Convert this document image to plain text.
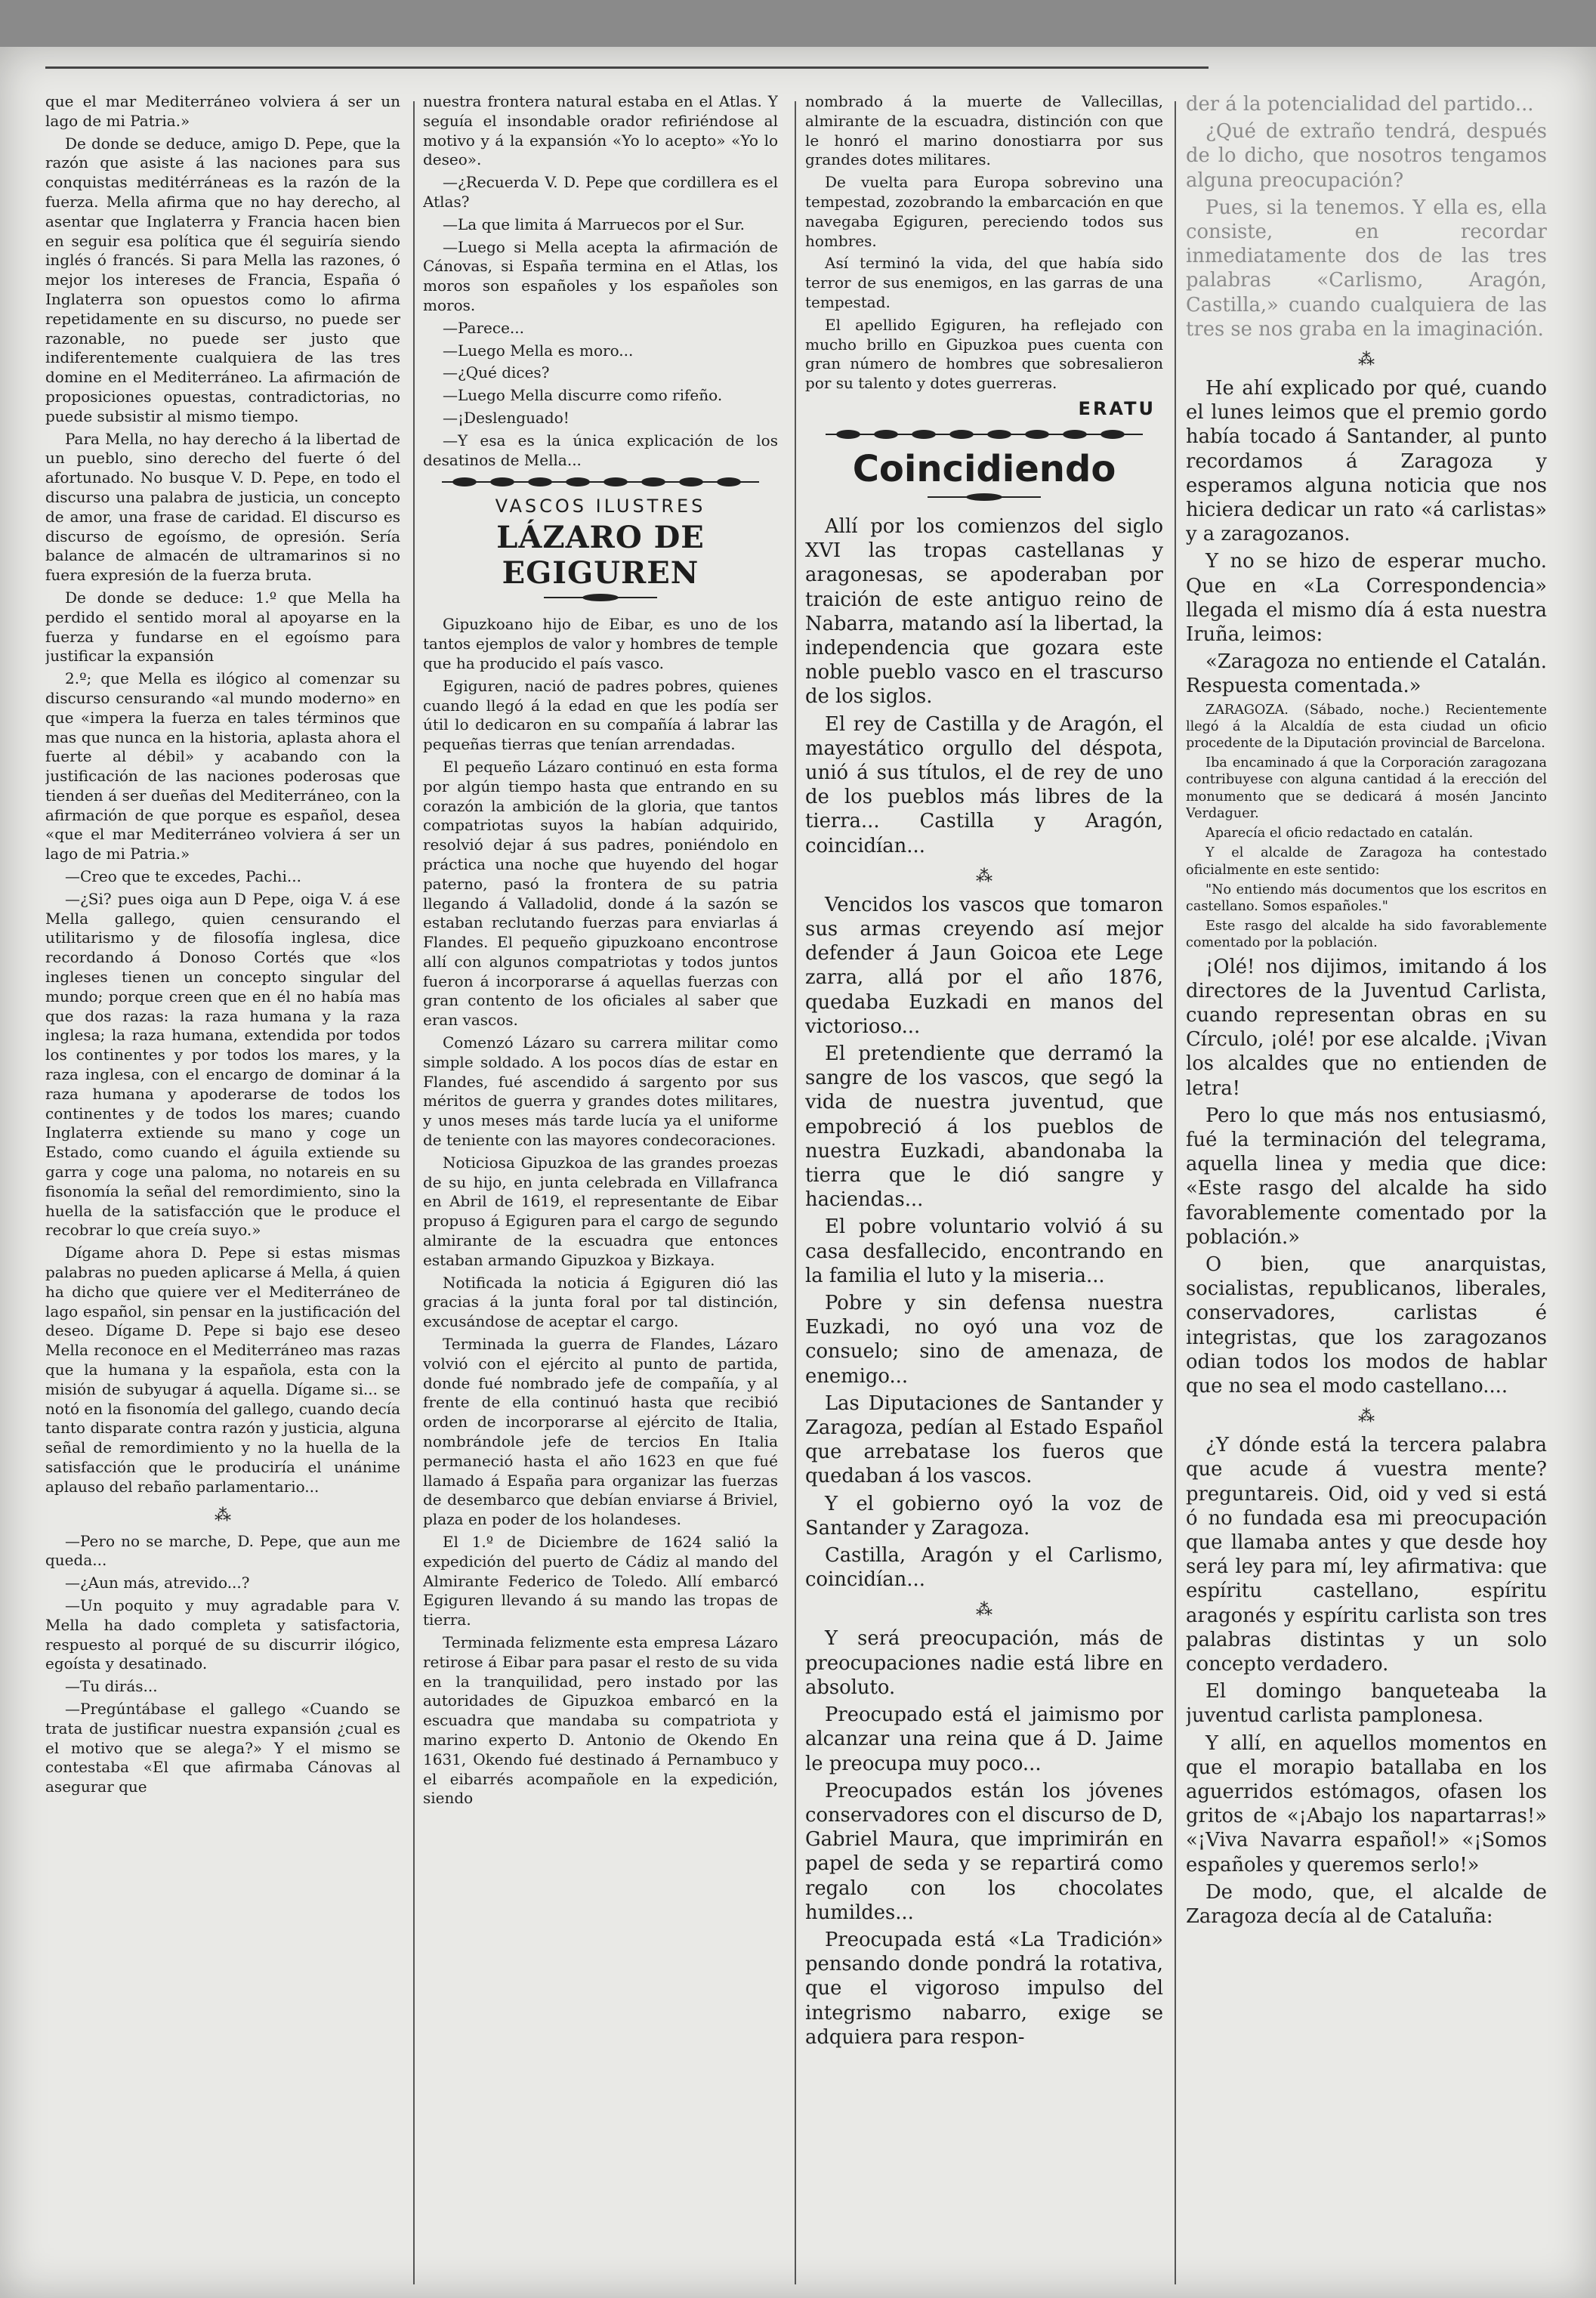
que el mar Mediterráneo volviera á ser un lago de mi Patria.»

De donde se deduce, amigo D. Pepe, que la razón que asiste á las naciones para sus conquistas meditérráneas es la razón de la fuerza. Mella afirma que no hay derecho, al asentar que Inglaterra y Francia hacen bien en seguir esa política que él seguiría siendo inglés ó francés. Si para Mella las razones, ó mejor los intereses de Francia, España ó Inglaterra son opuestos como lo afirma repetidamente en su discurso, no puede ser razonable, no puede ser justo que indiferentemente cualquiera de las tres domine en el Mediterráneo. La afirmación de proposiciones opuestas, contradictorias, no puede subsistir al mismo tiempo.

Para Mella, no hay derecho á la libertad de un pueblo, sino derecho del fuerte ó del afortunado. No busque V. D. Pepe, en todo el discurso una palabra de justicia, un concepto de amor, una frase de caridad. El discurso es discurso de egoísmo, de opresión. Sería balance de almacén de ultramarinos si no fuera expresión de la fuerza bruta.

De donde se deduce: 1.º que Mella ha perdido el sentido moral al apoyarse en la fuerza y fundarse en el egoísmo para justificar la expansión

2.º; que Mella es ilógico al comenzar su discurso censurando «al mundo moderno» en que «impera la fuerza en tales términos que mas que nunca en la historia, aplasta ahora el fuerte al débil» y acabando con la justificación de las naciones poderosas que tienden á ser dueñas del Mediterráneo, con la afirmación de que porque es español, desea «que el mar Mediterráneo volviera á ser un lago de mi Patria.»

—Creo que te excedes, Pachi...

—¿Si? pues oiga aun D Pepe, oiga V. á ese Mella gallego, quien censurando el utilitarismo y de filosofía inglesa, dice recordando á Donoso Cortés que «los ingleses tienen un concepto singular del mundo; porque creen que en él no había mas que dos razas: la raza humana y la raza inglesa; la raza humana, extendida por todos los continentes y por todos los mares, y la raza inglesa, con el encargo de dominar á la raza humana y apoderarse de todos los continentes y de todos los mares; cuando Inglaterra extiende su mano y coge un Estado, como cuando el águila extiende su garra y coge una paloma, no notareis en su fisonomía la señal del remordimiento, sino la huella de la satisfacción que le produce el recobrar lo que creía suyo.»

Dígame ahora D. Pepe si estas mismas palabras no pueden aplicarse á Mella, á quien ha dicho que quiere ver el Mediterráneo de lago español, sin pensar en la justificación del deseo. Dígame D. Pepe si bajo ese deseo Mella reconoce en el Mediterráneo mas razas que la humana y la española, esta con la misión de subyugar á aquella. Dígame si... se notó en la fisonomía del gallego, cuando decía tanto disparate contra razón y justicia, alguna señal de remordimiento y no la huella de la satisfacción que le produciría el unánime aplauso del rebaño parlamentario...

⁂

—Pero no se marche, D. Pepe, que aun me queda...

—¿Aun más, atrevido...?

—Un poquito y muy agradable para V. Mella ha dado completa y satisfactoria, respuesto al porqué de su discurrir ilógico, egoísta y desatinado.

—Tu dirás...

—Pregúntábase el gallego «Cuando se trata de justificar nuestra expansión ¿cual es el motivo que se alega?» Y el mismo se contestaba «El que afirmaba Cánovas al asegurar que

nuestra frontera natural estaba en el Atlas. Y seguía el insondable orador refiriéndose al motivo y á la expansión «Yo lo acepto» «Yo lo deseo».

—¿Recuerda V. D. Pepe que cordillera es el Atlas?

—La que limita á Marruecos por el Sur.

—Luego si Mella acepta la afirmación de Cánovas, si España termina en el Atlas, los moros son españoles y los españoles son moros.

—Parece...

—Luego Mella es moro...

—¿Qué dices?

—Luego Mella discurre como rifeño.

—¡Deslenguado!

—Y esa es la única explicación de los desatinos de Mella...

VASCOS ILUSTRES
LÁZARO DE EGIGUREN

Gipuzkoano hijo de Eibar, es uno de los tantos ejemplos de valor y hombres de temple que ha producido el país vasco.

Egiguren, nació de padres pobres, quienes cuando llegó á la edad en que les podía ser útil lo dedicaron en su compañía á labrar las pequeñas tierras que tenían arrendadas.

El pequeño Lázaro continuó en esta forma por algún tiempo hasta que entrando en su corazón la ambición de la gloria, que tantos compatriotas suyos la habían adquirido, resolvió dejar á sus padres, poniéndolo en práctica una noche que huyendo del hogar paterno, pasó la frontera de su patria llegando á Valladolid, donde á la sazón se estaban reclutando fuerzas para enviarlas á Flandes. El pequeño gipuzkoano encontrose allí con algunos compatriotas y todos juntos fueron á incorporarse á aquellas fuerzas con gran contento de los oficiales al saber que eran vascos.

Comenzó Lázaro su carrera militar como simple soldado. A los pocos días de estar en Flandes, fué ascendido á sargento por sus méritos de guerra y grandes dotes militares, y unos meses más tarde lucía ya el uniforme de teniente con las mayores condecoraciones.

Noticiosa Gipuzkoa de las grandes proezas de su hijo, en junta celebrada en Villafranca en Abril de 1619, el representante de Eibar propuso á Egiguren para el cargo de segundo almirante de la escuadra que entonces estaban armando Gipuzkoa y Bizkaya.

Notificada la noticia á Egiguren dió las gracias á la junta foral por tal distinción, excusándose de aceptar el cargo.

Terminada la guerra de Flandes, Lázaro volvió con el ejército al punto de partida, donde fué nombrado jefe de compañía, y al frente de ella continuó hasta que recibió orden de incorporarse al ejército de Italia, nombrándole jefe de tercios En Italia permaneció hasta el año 1623 en que fué llamado á España para organizar las fuerzas de desembarco que debían enviarse á Briviel, plaza en poder de los holandeses.

El 1.º de Diciembre de 1624 salió la expedición del puerto de Cádiz al mando del Almirante Federico de Toledo. Allí embarcó Egiguren llevando á su mando las tropas de tierra.

Terminada felizmente esta empresa Lázaro retirose á Eibar para pasar el resto de su vida en la tranquilidad, pero instado por las autoridades de Gipuzkoa embarcó en la escuadra que mandaba su compatriota y marino experto D. Antonio de Okendo En 1631, Okendo fué destinado á Pernambuco y el eibarrés acompañole en la expedición, siendo

nombrado á la muerte de Vallecillas, almirante de la escuadra, distinción con que le honró el marino donostiarra por sus grandes dotes militares.

De vuelta para Europa sobrevino una tempestad, zozobrando la embarcación en que navegaba Egiguren, pereciendo todos sus hombres.

Así terminó la vida, del que había sido terror de sus enemigos, en las garras de una tempestad.

El apellido Egiguren, ha reflejado con mucho brillo en Gipuzkoa pues cuenta con gran número de hombres que sobresalieron por su talento y dotes guerreras.

ERATU
Coincidiendo

Allí por los comienzos del siglo XVI las tropas castellanas y aragonesas, se apoderaban por traición de este antiguo reino de Nabarra, matando así la libertad, la independencia que gozara este noble pueblo vasco en el trascurso de los siglos.

El rey de Castilla y de Aragón, el mayestático orgullo del déspota, unió á sus títulos, el de rey de uno de los pueblos más libres de la tierra... Castilla y Aragón, coincidían...

⁂

Vencidos los vascos que tomaron sus armas creyendo así mejor defender á Jaun Goicoa ete Lege zarra, allá por el año 1876, quedaba Euzkadi en manos del victorioso...

El pretendiente que derramó la sangre de los vascos, que segó la vida de nuestra juventud, que empobreció á los pueblos de nuestra Euzkadi, abandonaba la tierra que le dió sangre y haciendas...

El pobre voluntario volvió á su casa desfallecido, encontrando en la familia el luto y la miseria...

Pobre y sin defensa nuestra Euzkadi, no oyó una voz de consuelo; sino de amenaza, de enemigo...

Las Diputaciones de Santander y Zaragoza, pedían al Estado Español que arrebatase los fueros que quedaban á los vascos.

Y el gobierno oyó la voz de Santander y Zaragoza.

Castilla, Aragón y el Carlismo, coincidían...

⁂

Y será preocupación, más de preocupaciones nadie está libre en absoluto.

Preocupado está el jaimismo por alcanzar una reina que á D. Jaime le preocupa muy poco...

Preocupados están los jóvenes conservadores con el discurso de D, Gabriel Maura, que imprimirán en papel de seda y se repartirá como regalo con los chocolates humildes...

Preocupada está «La Tradición» pensando donde pondrá la rotativa, que el vigoroso impulso del integrismo nabarro, exige se adquiera para respon-

der á la potencialidad del partido...

¿Qué de extraño tendrá, después de lo dicho, que nosotros tengamos alguna preocupación?

Pues, si la tenemos. Y ella es, ella consiste, en recordar inmediatamente dos de las tres palabras «Carlismo, Aragón, Castilla,» cuando cualquiera de las tres se nos graba en la imaginación.

⁂

He ahí explicado por qué, cuando el lunes leimos que el premio gordo había tocado á Santander, al punto recordamos á Zaragoza y esperamos alguna noticia que nos hiciera dedicar un rato «á carlistas» y a zaragozanos.

Y no se hizo de esperar mucho. Que en «La Correspondencia» llegada el mismo día á esta nuestra Iruña, leimos:

«Zaragoza no entiende el Catalán. Respuesta comentada.»

ZARAGOZA. (Sábado, noche.) Recientemente llegó á la Alcaldía de esta ciudad un oficio procedente de la Diputación provincial de Barcelona.

Iba encaminado á que la Corporación zaragozana contribuyese con alguna cantidad á la erección del monumento que se dedicará á mosén Jancinto Verdaguer.

Aparecía el oficio redactado en catalán.

Y el alcalde de Zaragoza ha contestado oficialmente en este sentido:

"No entiendo más documentos que los escritos en castellano. Somos españoles."

Este rasgo del alcalde ha sido favorablemente comentado por la población.

¡Olé! nos dijimos, imitando á los directores de la Juventud Carlista, cuando representan obras en su Círculo, ¡olé! por ese alcalde. ¡Vivan los alcaldes que no entienden de letra!

Pero lo que más nos entusiasmó, fué la terminación del telegrama, aquella linea y media que dice: «Este rasgo del alcalde ha sido favorablemente comentado por la población.»

O bien, que anarquistas, socialistas, republicanos, liberales, conservadores, carlistas é integristas, que los zaragozanos odian todos los modos de hablar que no sea el modo castellano....

⁂

¿Y dónde está la tercera palabra que acude á vuestra mente? preguntareis. Oid, oid y ved si está ó no fundada esa mi preocupación que llamaba antes y que desde hoy será ley para mí, ley afirmativa: que espíritu castellano, espíritu aragonés y espíritu carlista son tres palabras distintas y un solo concepto verdadero.

El domingo banqueteaba la juventud carlista pamplonesa.

Y allí, en aquellos momentos en que el morapio batallaba en los aguerridos estómagos, ofasen los gritos de «¡Abajo los napartarras!» «¡Viva Navarra español!» «¡Somos españoles y queremos serlo!»

De modo, que, el alcalde de Zaragoza decía al de Cataluña:
